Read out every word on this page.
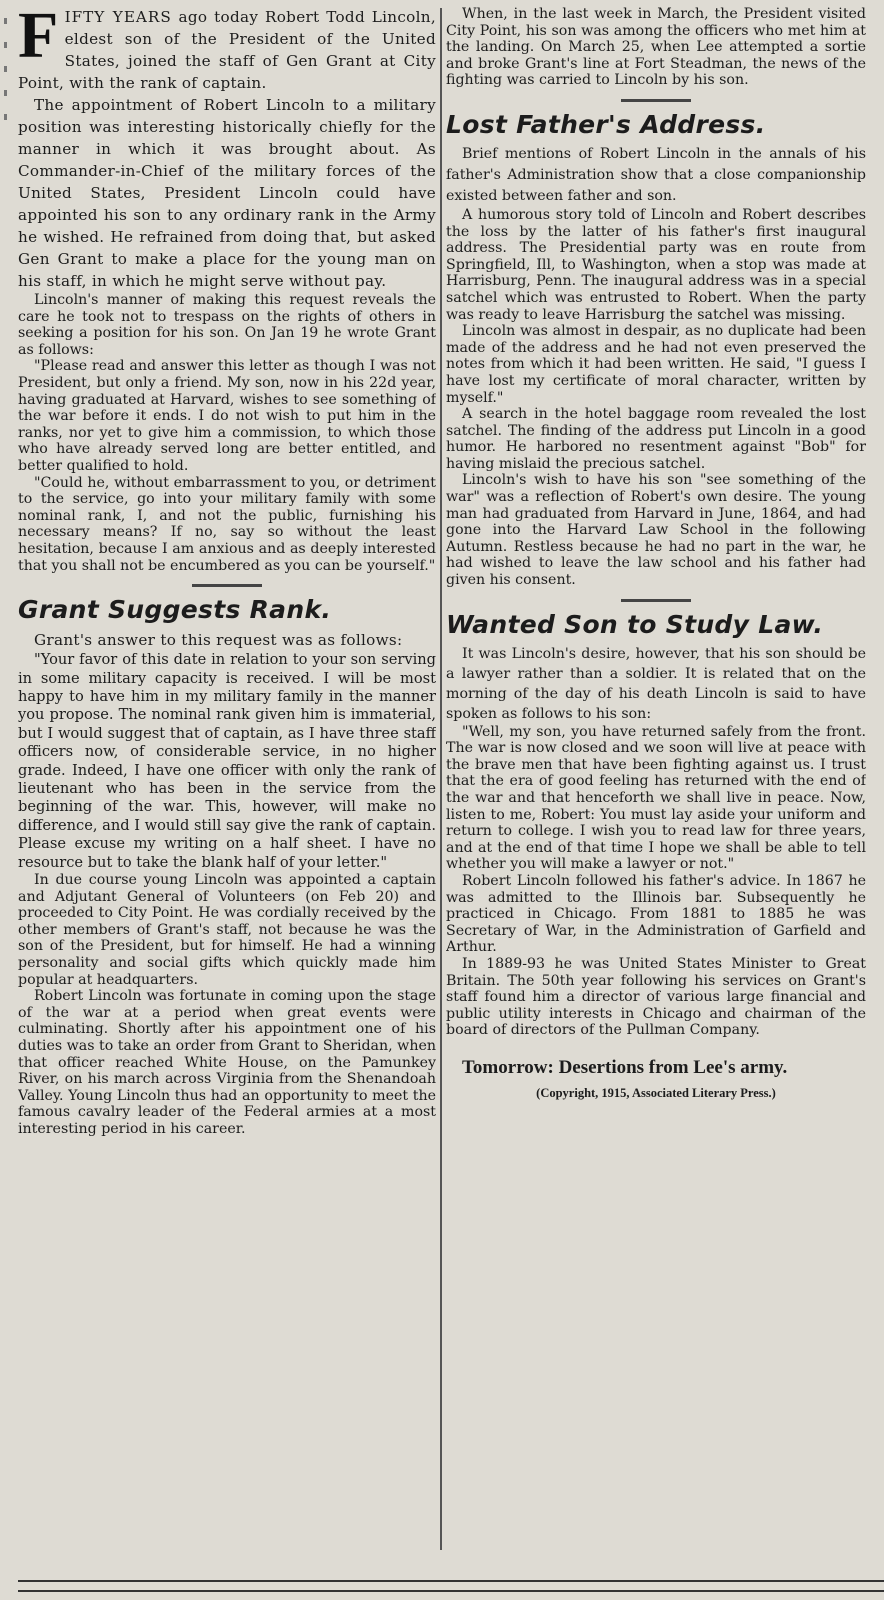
FIFTY YEARS ago today Robert Todd Lincoln, eldest son of the President of the United States, joined the staff of Gen Grant at City Point, with the rank of captain.

The appointment of Robert Lincoln to a military position was interesting historically chiefly for the manner in which it was brought about. As Commander-in-Chief of the military forces of the United States, President Lincoln could have appointed his son to any ordinary rank in the Army he wished. He refrained from doing that, but asked Gen Grant to make a place for the young man on his staff, in which he might serve without pay.

Lincoln's manner of making this request reveals the care he took not to trespass on the rights of others in seeking a position for his son. On Jan 19 he wrote Grant as follows:

"Please read and answer this letter as though I was not President, but only a friend. My son, now in his 22d year, having graduated at Harvard, wishes to see something of the war before it ends. I do not wish to put him in the ranks, nor yet to give him a commission, to which those who have already served long are better entitled, and better qualified to hold.

"Could he, without embarrassment to you, or detriment to the service, go into your military family with some nominal rank, I, and not the public, furnishing his necessary means? If no, say so without the least hesitation, because I am anxious and as deeply interested that you shall not be encumbered as you can be yourself."

Grant Suggests Rank.

Grant's answer to this request was as follows:

"Your favor of this date in relation to your son serving in some military capacity is received. I will be most happy to have him in my military family in the manner you propose. The nominal rank given him is immaterial, but I would suggest that of captain, as I have three staff officers now, of considerable service, in no higher grade. Indeed, I have one officer with only the rank of lieutenant who has been in the service from the beginning of the war. This, however, will make no difference, and I would still say give the rank of captain. Please excuse my writing on a half sheet. I have no resource but to take the blank half of your letter."

In due course young Lincoln was appointed a captain and Adjutant General of Volunteers (on Feb 20) and proceeded to City Point. He was cordially received by the other members of Grant's staff, not because he was the son of the President, but for himself. He had a winning personality and social gifts which quickly made him popular at headquarters.

Robert Lincoln was fortunate in coming upon the stage of the war at a period when great events were culminating. Shortly after his appointment one of his duties was to take an order from Grant to Sheridan, when that officer reached White House, on the Pamunkey River, on his march across Virginia from the Shenandoah Valley. Young Lincoln thus had an opportunity to meet the famous cavalry leader of the Federal armies at a most interesting period in his career.

When, in the last week in March, the President visited City Point, his son was among the officers who met him at the landing. On March 25, when Lee attempted a sortie and broke Grant's line at Fort Steadman, the news of the fighting was carried to Lincoln by his son.

Lost Father's Address.

Brief mentions of Robert Lincoln in the annals of his father's Administration show that a close companionship existed between father and son.

A humorous story told of Lincoln and Robert describes the loss by the latter of his father's first inaugural address. The Presidential party was en route from Springfield, Ill, to Washington, when a stop was made at Harrisburg, Penn. The inaugural address was in a special satchel which was entrusted to Robert. When the party was ready to leave Harrisburg the satchel was missing.

Lincoln was almost in despair, as no duplicate had been made of the address and he had not even preserved the notes from which it had been written. He said, "I guess I have lost my certificate of moral character, written by myself."

A search in the hotel baggage room revealed the lost satchel. The finding of the address put Lincoln in a good humor. He harbored no resentment against "Bob" for having mislaid the precious satchel.

Lincoln's wish to have his son "see something of the war" was a reflection of Robert's own desire. The young man had graduated from Harvard in June, 1864, and had gone into the Harvard Law School in the following Autumn. Restless because he had no part in the war, he had wished to leave the law school and his father had given his consent.

Wanted Son to Study Law.

It was Lincoln's desire, however, that his son should be a lawyer rather than a soldier. It is related that on the morning of the day of his death Lincoln is said to have spoken as follows to his son:

"Well, my son, you have returned safely from the front. The war is now closed and we soon will live at peace with the brave men that have been fighting against us. I trust that the era of good feeling has returned with the end of the war and that henceforth we shall live in peace. Now, listen to me, Robert: You must lay aside your uniform and return to college. I wish you to read law for three years, and at the end of that time I hope we shall be able to tell whether you will make a lawyer or not."

Robert Lincoln followed his father's advice. In 1867 he was admitted to the Illinois bar. Subsequently he practiced in Chicago. From 1881 to 1885 he was Secretary of War, in the Administration of Garfield and Arthur.

In 1889-93 he was United States Minister to Great Britain. The 50th year following his services on Grant's staff found him a director of various large financial and public utility interests in Chicago and chairman of the board of directors of the Pullman Company.

Tomorrow: Desertions from Lee's army.

(Copyright, 1915, Associated Literary Press.)
